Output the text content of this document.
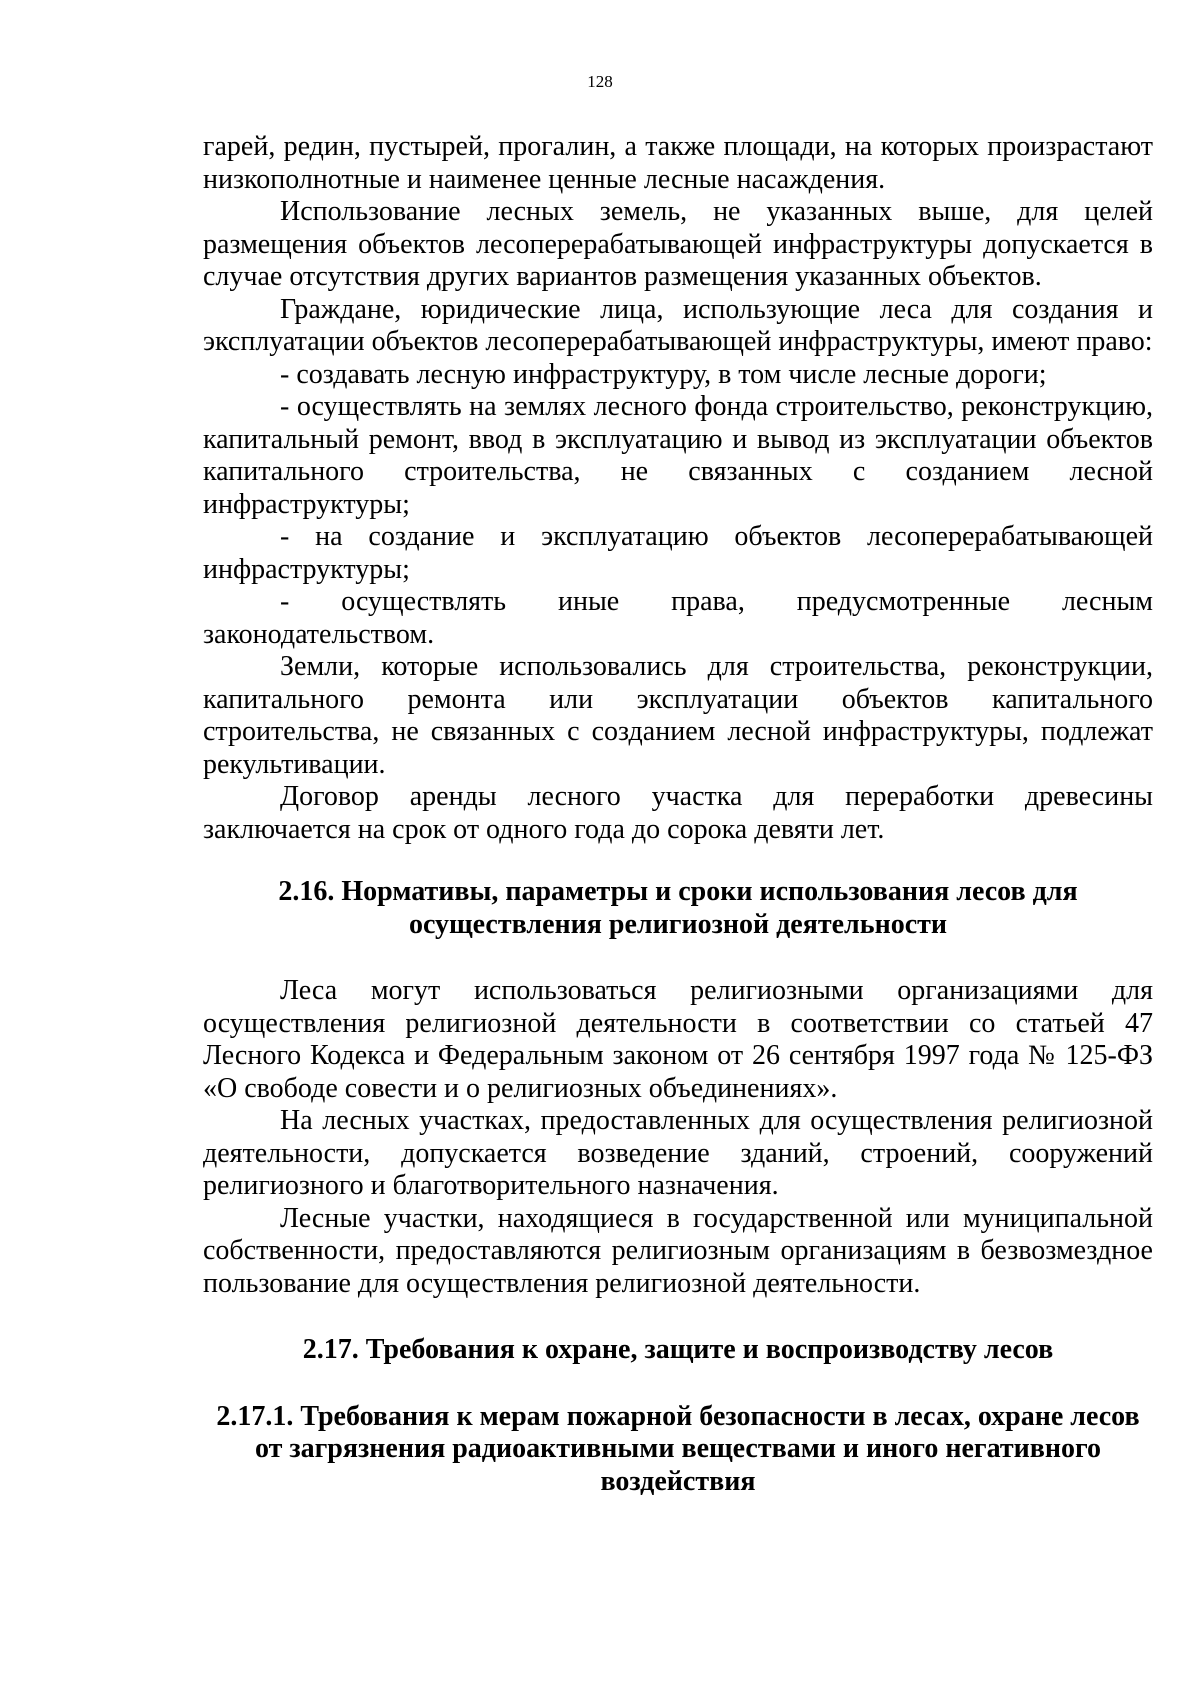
128

гарей, редин, пустырей, прогалин, а также площади, на которых произрастают низкополнотные и наименее ценные лесные насаждения.

Использование лесных земель, не указанных выше, для целей размещения объектов лесоперерабатывающей инфраструктуры допускается в случае отсутствия других вариантов размещения указанных объектов.

Граждане, юридические лица, использующие леса для создания и эксплуатации объектов лесоперерабатывающей инфраструктуры, имеют право:

- создавать лесную инфраструктуру, в том числе лесные дороги;

- осуществлять на землях лесного фонда строительство, реконструкцию, капитальный ремонт, ввод в эксплуатацию и вывод из эксплуатации объектов капитального строительства, не связанных с созданием лесной инфраструктуры;

- на создание и эксплуатацию объектов лесоперерабатывающей инфраструктуры;

- осуществлять иные права, предусмотренные лесным законодательством.

Земли, которые использовались для строительства, реконструкции, капитального ремонта или эксплуатации объектов капитального строительства, не связанных с созданием лесной инфраструктуры, подлежат рекультивации.

Договор аренды лесного участка для переработки древесины заключается на срок от одного года до сорока девяти лет.

2.16. Нормативы, параметры и сроки использования лесов для осуществления религиозной деятельности

Леса могут использоваться религиозными организациями для осуществления религиозной деятельности в соответствии со статьей 47 Лесного Кодекса и Федеральным законом от 26 сентября 1997 года № 125-ФЗ «О свободе совести и о религиозных объединениях».

На лесных участках, предоставленных для осуществления религиозной деятельности, допускается возведение зданий, строений, сооружений религиозного и благотворительного назначения.

Лесные участки, находящиеся в государственной или муниципальной собственности, предоставляются религиозным организациям в безвозмездное пользование для осуществления религиозной деятельности.

2.17. Требования к охране, защите и воспроизводству лесов
2.17.1. Требования к мерам пожарной безопасности в лесах, охране лесов от загрязнения радиоактивными веществами и иного негативного воздействия
